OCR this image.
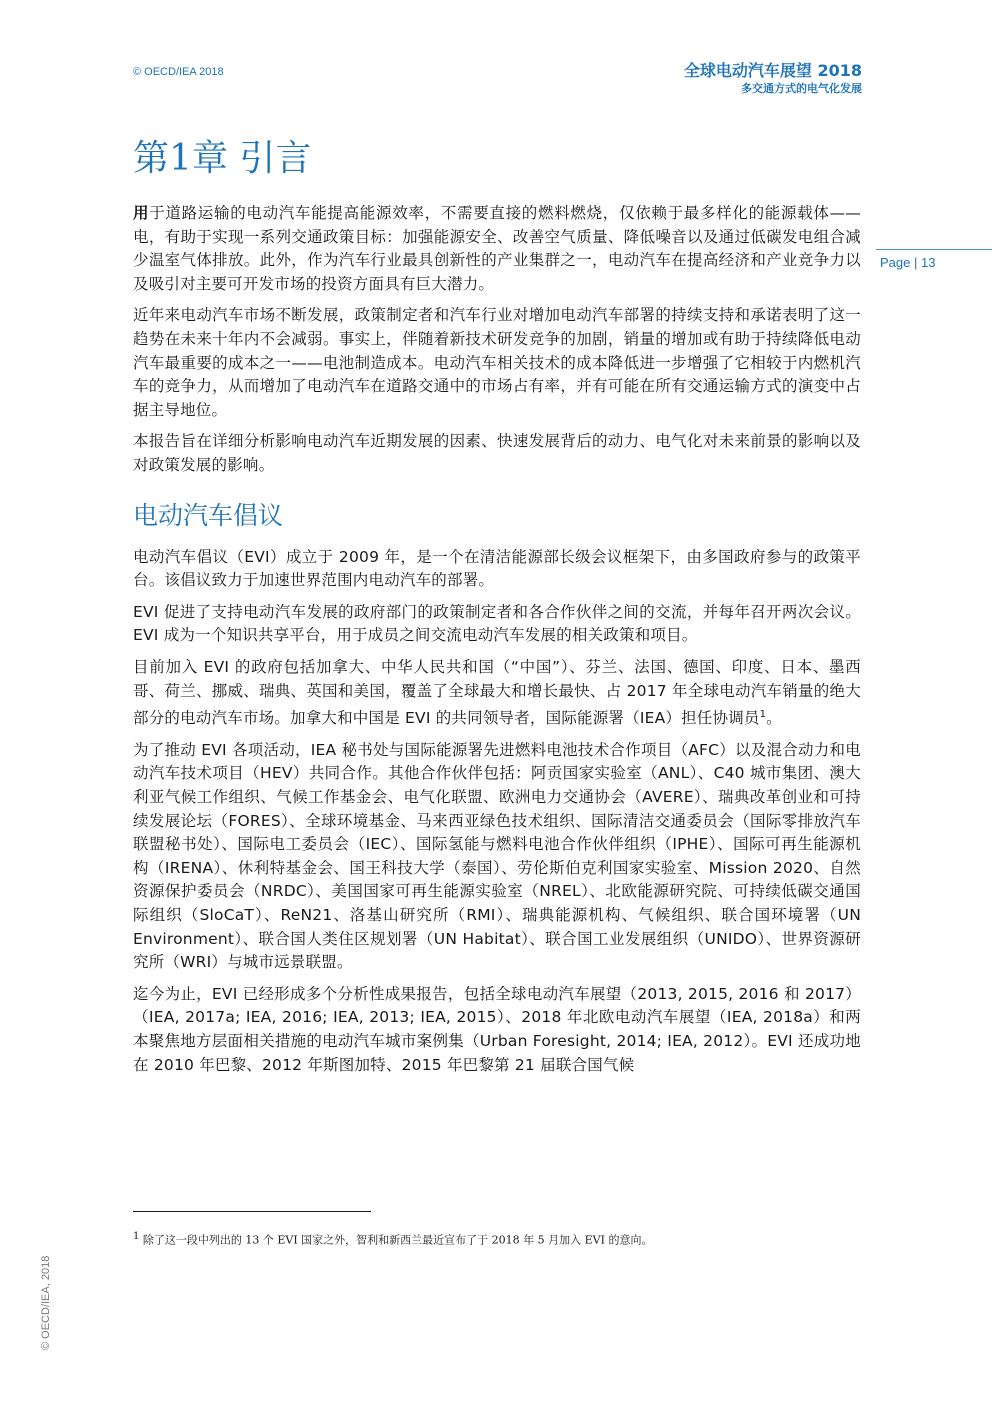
© OECD/IEA 2018	全球电动汽车展望 2018
多交通方式的电气化发展
Page | 13
第1章 引言

用于道路运输的电动汽车能提高能源效率，不需要直接的燃料燃烧，仅依赖于最多样化的能源载体——电，有助于实现一系列交通政策目标：加强能源安全、改善空气质量、降低噪音以及通过低碳发电组合减少温室气体排放。此外，作为汽车行业最具创新性的产业集群之一，电动汽车在提高经济和产业竞争力以及吸引对主要可开发市场的投资方面具有巨大潜力。

近年来电动汽车市场不断发展，政策制定者和汽车行业对增加电动汽车部署的持续支持和承诺表明了这一趋势在未来十年内不会减弱。事实上，伴随着新技术研发竞争的加剧，销量的增加或有助于持续降低电动汽车最重要的成本之一——电池制造成本。电动汽车相关技术的成本降低进一步增强了它相较于内燃机汽车的竞争力，从而增加了电动汽车在道路交通中的市场占有率，并有可能在所有交通运输方式的演变中占据主导地位。

本报告旨在详细分析影响电动汽车近期发展的因素、快速发展背后的动力、电气化对未来前景的影响以及对政策发展的影响。

电动汽车倡议

电动汽车倡议（EVI）成立于 2009 年，是一个在清洁能源部长级会议框架下，由多国政府参与的政策平台。该倡议致力于加速世界范围内电动汽车的部署。

EVI 促进了支持电动汽车发展的政府部门的政策制定者和各合作伙伴之间的交流，并每年召开两次会议。EVI 成为一个知识共享平台，用于成员之间交流电动汽车发展的相关政策和项目。

目前加入 EVI 的政府包括加拿大、中华人民共和国（“中国”）、芬兰、法国、德国、印度、日本、墨西哥、荷兰、挪威、瑞典、英国和美国，覆盖了全球最大和增长最快、占 2017 年全球电动汽车销量的绝大部分的电动汽车市场。加拿大和中国是 EVI 的共同领导者，国际能源署（IEA）担任协调员$^1$。

为了推动 EVI 各项活动，IEA 秘书处与国际能源署先进燃料电池技术合作项目（AFC）以及混合动力和电动汽车技术项目（HEV）共同合作。其他合作伙伴包括：阿贡国家实验室（ANL）、C40 城市集团、澳大利亚气候工作组织、气候工作基金会、电气化联盟、欧洲电力交通协会（AVERE）、瑞典改革创业和可持续发展论坛（FORES）、全球环境基金、马来西亚绿色技术组织、国际清洁交通委员会（国际零排放汽车联盟秘书处）、国际电工委员会（IEC）、国际氢能与燃料电池合作伙伴组织（IPHE）、国际可再生能源机构（IRENA）、休利特基金会、国王科技大学（泰国）、劳伦斯伯克利国家实验室、Mission 2020、自然资源保护委员会（NRDC）、美国国家可再生能源实验室（NREL）、北欧能源研究院、可持续低碳交通国际组织（SloCaT）、ReN21、洛基山研究所（RMI）、瑞典能源机构、气候组织、联合国环境署（UN Environment）、联合国人类住区规划署（UN Habitat）、联合国工业发展组织（UNIDO）、世界资源研究所（WRI）与城市远景联盟。

迄今为止，EVI 已经形成多个分析性成果报告，包括全球电动汽车展望（2013, 2015, 2016 和 2017）（IEA, 2017a; IEA, 2016; IEA, 2013; IEA, 2015）、2018 年北欧电动汽车展望（IEA, 2018a）和两本聚焦地方层面相关措施的电动汽车城市案例集（Urban Foresight, 2014; IEA, 2012）。EVI 还成功地在 2010 年巴黎、2012 年斯图加特、2015 年巴黎第 21 届联合国气候

$^1$ 除了这一段中列出的 13 个 EVI 国家之外，智利和新西兰最近宣布了于 2018 年 5 月加入 EVI 的意向。
© OECD/IEA, 2018
